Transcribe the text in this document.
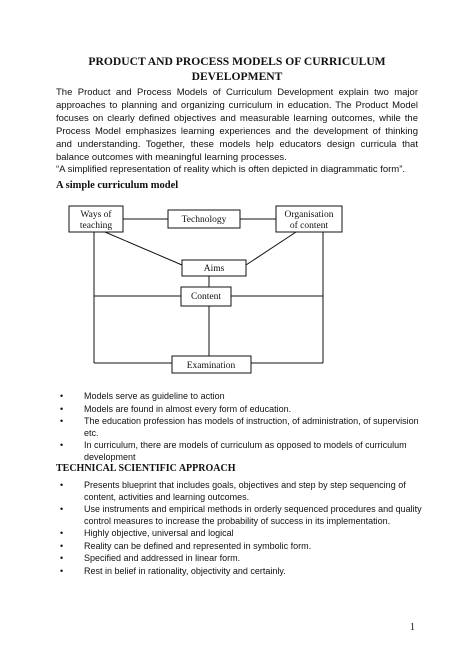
PRODUCT AND PROCESS MODELS OF CURRICULUM
DEVELOPMENT

The Product and Process Models of Curriculum Development explain two major approaches to planning and organizing curriculum in education. The Product Model focuses on clearly defined objectives and measurable learning outcomes, while the Process Model emphasizes learning experiences and the development of thinking and understanding. Together, these models help educators design curricula that balance outcomes with meaningful learning processes.

“A simplified representation of reality which is often depicted in diagrammatic form”.

A simple curriculum model

Ways of
teaching
Technology	Organisation
of content
Aims
Content
Examination
• Models serve as guideline to action
• Models are found in almost every form of education.
• The education profession has models of instruction, of administration, of supervision etc.
• In curriculum, there are models of curriculum as opposed to models of curriculum development

TECHNICAL SCIENTIFIC APPROACH

• Presents blueprint that includes goals, objectives and step by step sequencing of content, activities and learning outcomes.
• Use instruments and empirical methods in orderly sequenced procedures and quality control measures to increase the probability of success in its implementation.
• Highly objective, universal and logical
• Reality can be defined and represented in symbolic form.
• Specified and addressed in linear form.
• Rest in belief in rationality, objectivity and certainly.
1
